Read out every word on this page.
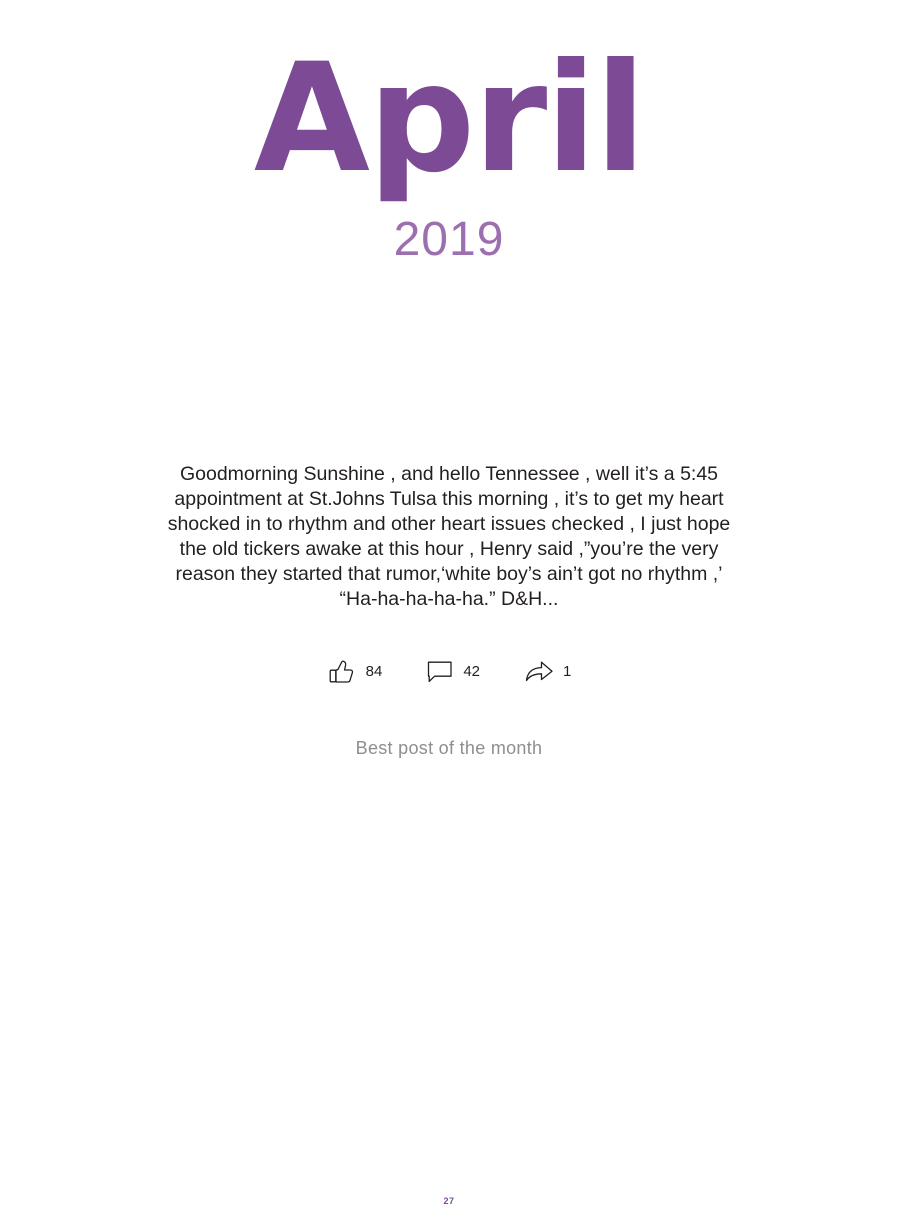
April
2019

Goodmorning Sunshine , and hello Tennessee , well it’s a 5:45 appointment at St.Johns Tulsa this morning , it’s to get my heart shocked in to rhythm and other heart issues checked , I just hope the old tickers awake at this hour , Henry said ,”you’re the very reason they started that rumor,‘white boy’s ain’t got no rhythm ,’ “Ha-ha-ha-ha-ha.” D&H...

84	42	1
Best post of the month
27
